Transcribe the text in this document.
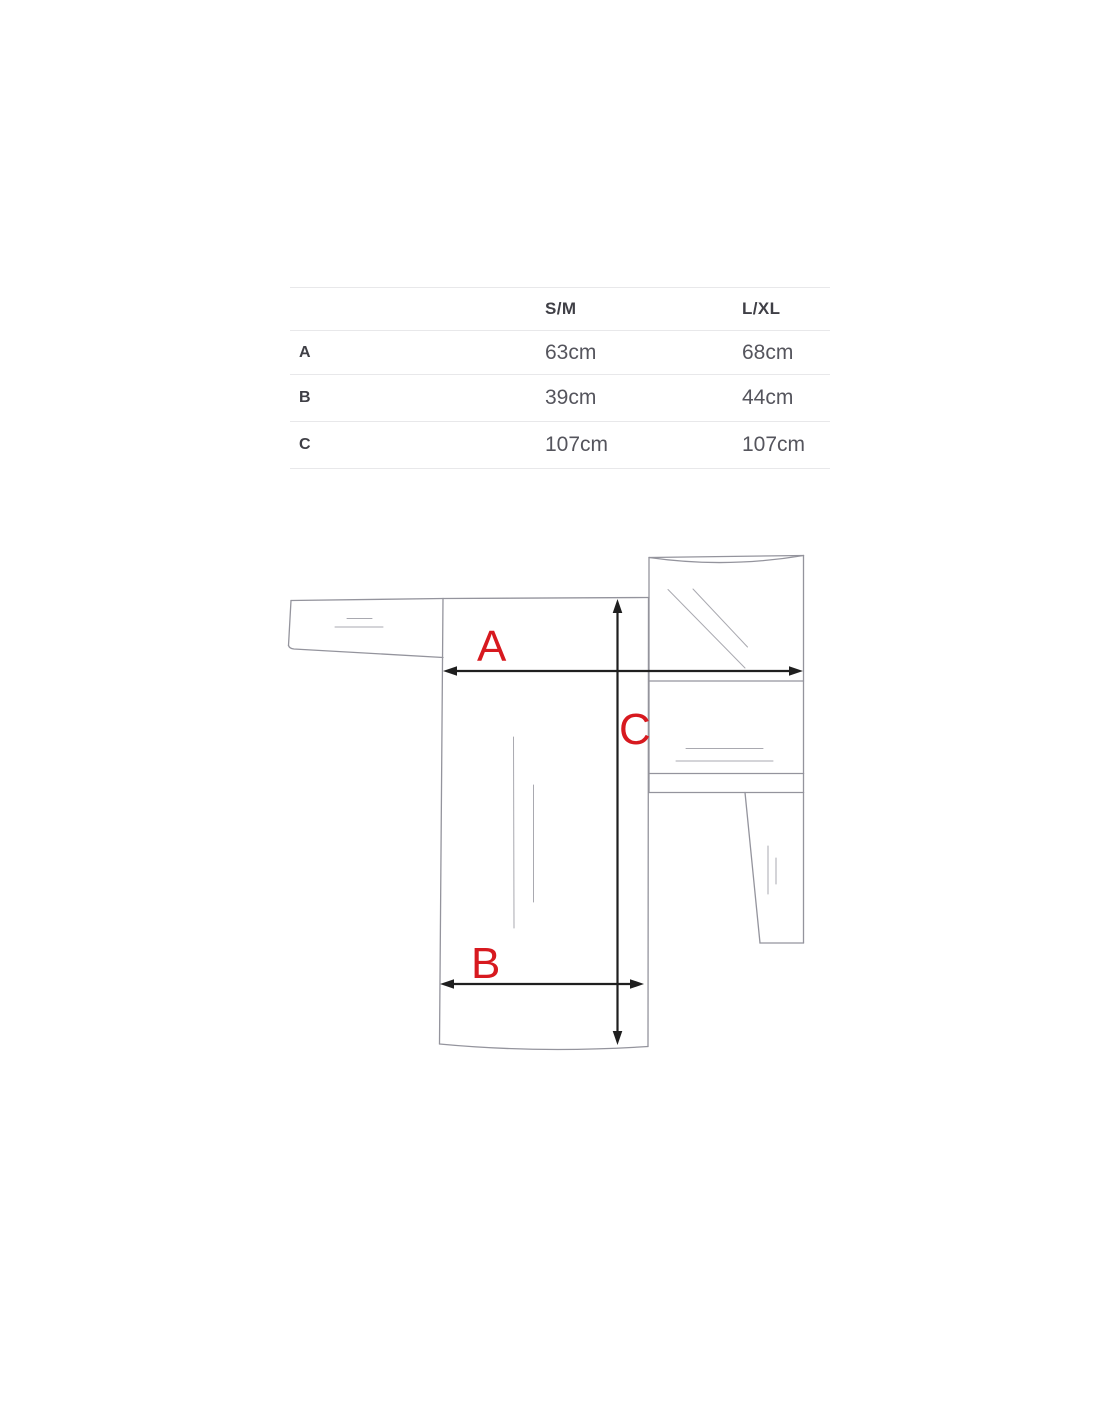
S/M	L/XL
A	63cm	68cm
B	39cm	44cm
C	107cm	107cm
A
B
C
